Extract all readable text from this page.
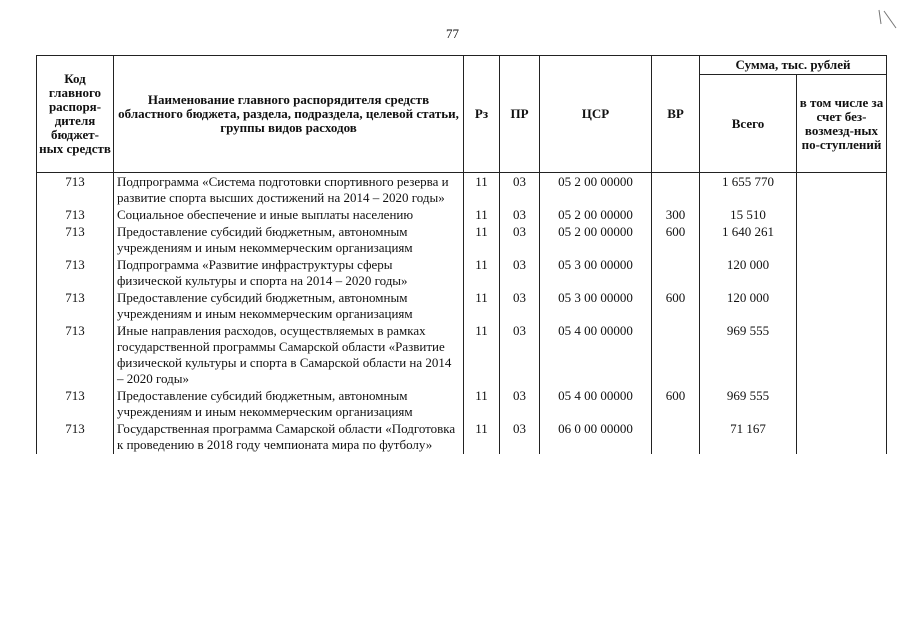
77
Код главного распоря-дителя бюджет-ных средств	Наименование главного распорядителя средств областного бюджета, раздела, подраздела, целевой статьи, группы видов расходов	Рз	ПР	ЦСР	ВР	Сумма, тыс. рублей	
						Всего	в том числе за счет без-возмезд-ных по-ступлений
713	Подпрограмма «Система подготовки спортивного резерва и развитие спорта высших достижений на 2014 – 2020 годы»	11	03	05 2 00 00000		1 655 770	
713	Социальное обеспечение и иные выплаты населению	11	03	05 2 00 00000	300	15 510	
713	Предоставление субсидий бюджетным, автономным учреждениям и иным некоммерческим организациям	11	03	05 2 00 00000	600	1 640 261	
713	Подпрограмма «Развитие инфраструктуры сферы физической культуры и спорта на 2014 – 2020 годы»	11	03	05 3 00 00000		120 000	
713	Предоставление субсидий бюджетным, автономным учреждениям и иным некоммерческим организациям	11	03	05 3 00 00000	600	120 000	
713	Иные направления расходов, осуществляемых в рамках государственной программы Самарской области «Развитие физической культуры и спорта в Самарской области на 2014 – 2020 годы»	11	03	05 4 00 00000		969 555	
713	Предоставление субсидий бюджетным, автономным учреждениям и иным некоммерческим организациям	11	03	05 4 00 00000	600	969 555	
713	Государственная программа Самарской области «Подготовка к проведению в 2018 году чемпионата мира по футболу»	11	03	06 0 00 00000		71 167	
